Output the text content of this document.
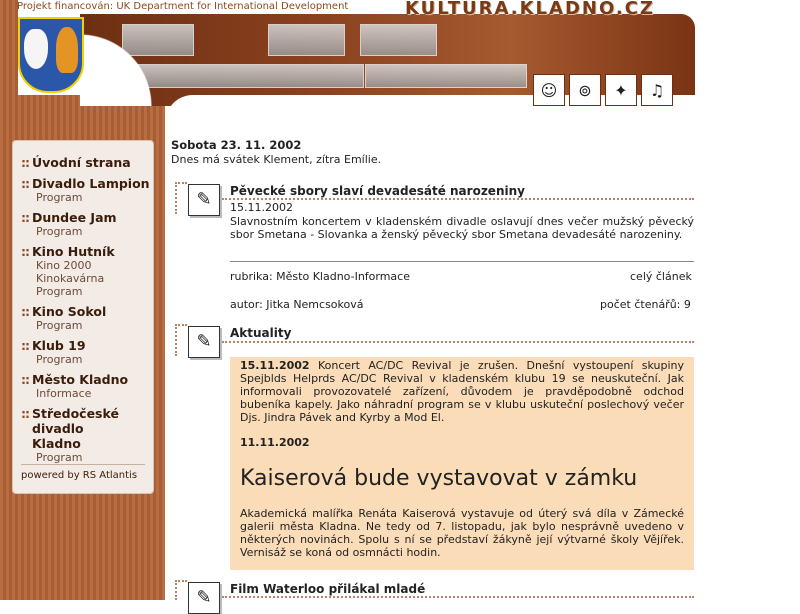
Projekt financován: UK Department for International Development	KULTURA.KLADNO.CZ
☺	⊚	✦	♫
:: Úvodní strana
:: Divadlo Lampion
Program
:: Dundee Jam
Program
:: Kino Hutník
Kino 2000
Kinokavárna
Program
:: Kino Sokol
Program
:: Klub 19
Program
:: Město Kladno
Informace
:: Středočeské divadlo Kladno
Program
powered by RS Atlantis
Sobota 23. 11. 2002
Dnes má svátek Klement, zítra Emílie.
✎	Pěvecké sbory slaví devadesáté narozeniny
15.11.2002
Slavnostním koncertem v kladenském divadle oslavují dnes večer mužský pěvecký sbor Smetana - Slovanka a ženský pěvecký sbor Smetana devadesáté narozeniny.
rubrika: Město Kladno-Informace	celý článek
autor: Jitka Nemcsoková	počet čtenářů: 9
✎	Aktuality
15.11.2002 Koncert AC/DC Revival je zrušen. Dnešní vystoupení skupiny Spejblds Helprds AC/DC Revival v kladenském klubu 19 se neuskuteční. Jak informovali provozovatelé zařízení, důvodem je pravděpodobně odchod bubeníka kapely. Jako náhradní program se v klubu uskuteční poslechový večer Djs. Jindra Pávek and Kyrby a Mod El.
11.11.2002
Kaiserová bude vystavovat v zámku
Akademická malířka Renáta Kaiserová vystavuje od úterý svá díla v Zámecké galerii města Kladna. Ne tedy od 7. listopadu, jak bylo nesprávně uvedeno v některých novinách. Spolu s ní se představí žákyně její výtvarné školy Vějířek. Vernisáž se koná od osmnácti hodin.
✎	Film Waterloo přilákal mladé
